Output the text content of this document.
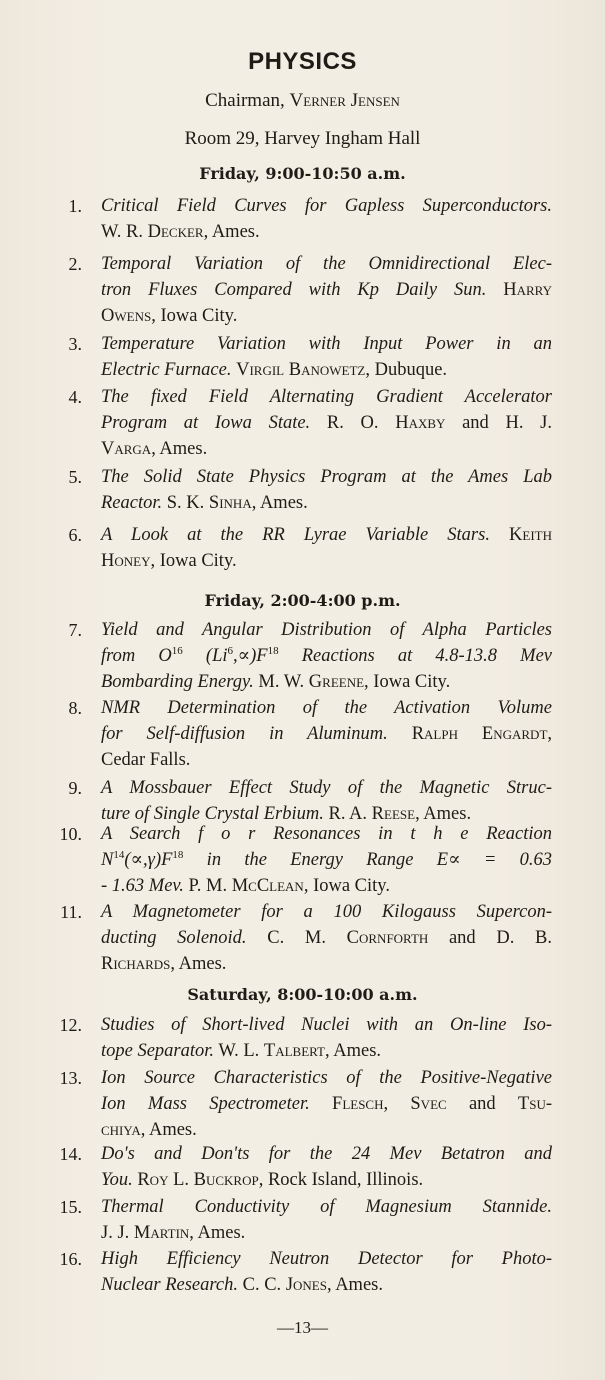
PHYSICS
Chairman, Verner Jensen
Room 29, Harvey Ingham Hall
Friday, 9:00-10:50 a.m.
Friday, 2:00-4:00 p.m.
Saturday, 8:00-10:00 a.m.
1. Critical Field Curves for Gapless Superconductors.
W. R. Decker, Ames.
2. Temporal Variation of the Omnidirectional Elec-
tron Fluxes Compared with Kp Daily Sun. Harry
Owens, Iowa City.
3. Temperature Variation with Input Power in an
Electric Furnace. Virgil Banowetz, Dubuque.
4. The fixed Field Alternating Gradient Accelerator
Program at Iowa State. R. O. Haxby and H. J.
Varga, Ames.
5. The Solid State Physics Program at the Ames Lab
Reactor. S. K. Sinha, Ames.
6. A Look at the RR Lyrae Variable Stars. Keith
Honey, Iowa City.
7. Yield and Angular Distribution of Alpha Particles
from $O^{16}$ $(Li^6,\propto)F^{18}$ Reactions at 4.8-13.8 Mev
Bombarding Energy. M. W. Greene, Iowa City.
8. NMR Determination of the Activation Volume
for Self-diffusion in Aluminum. Ralph Engardt,
Cedar Falls.
9. A Mossbauer Effect Study of the Magnetic Struc-
ture of Single Crystal Erbium. R. A. Reese, Ames.
10. A Search f o r Resonances in t h e Reaction
$N^{14}(\propto,\gamma)F^{18}$ in the Energy Range E∝ = 0.63
- 1.63 Mev. P. M. McClean, Iowa City.
11. A Magnetometer for a 100 Kilogauss Supercon-
ducting Solenoid. C. M. Cornforth and D. B.
Richards, Ames.
12. Studies of Short-lived Nuclei with an On-line Iso-
tope Separator. W. L. Talbert, Ames.
13. Ion Source Characteristics of the Positive-Negative
Ion Mass Spectrometer. Flesch, Svec and Tsu-
chiya, Ames.
14. Do's and Don'ts for the 24 Mev Betatron and
You. Roy L. Buckrop, Rock Island, Illinois.
15. Thermal Conductivity of Magnesium Stannide.
J. J. Martin, Ames.
16. High Efficiency Neutron Detector for Photo-
Nuclear Research. C. C. Jones, Ames.
—13—
